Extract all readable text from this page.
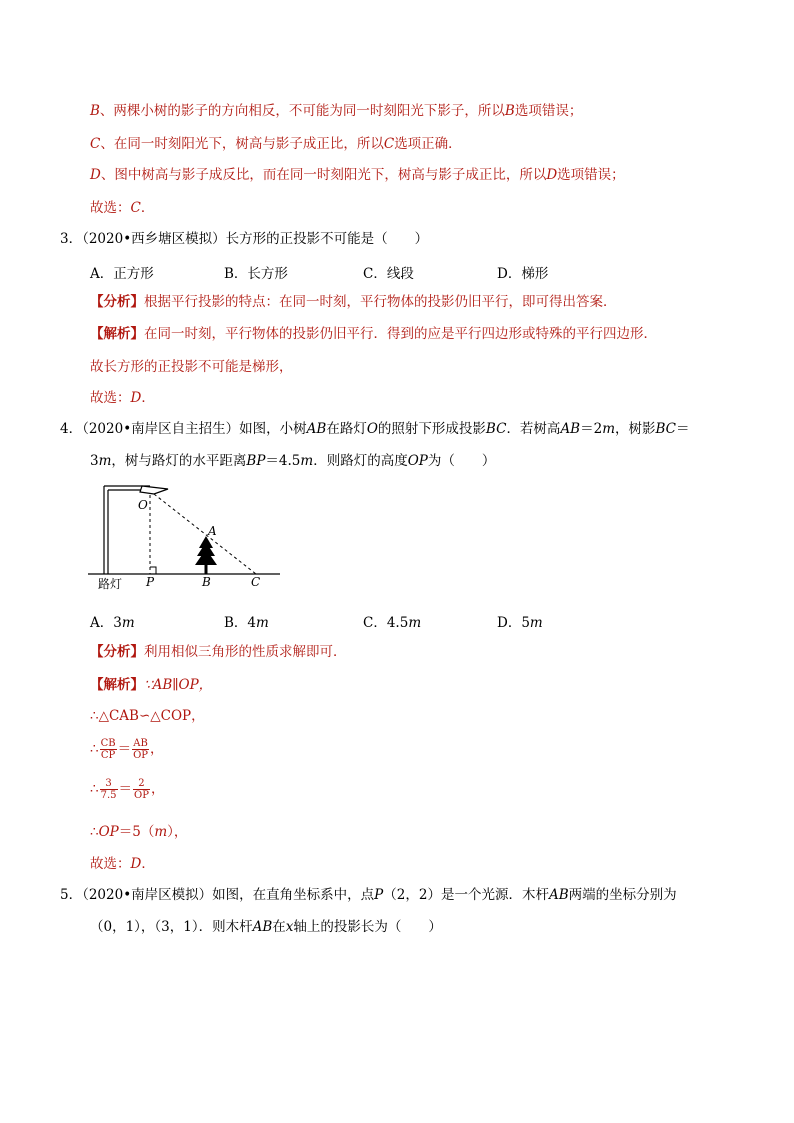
B、两棵小树的影子的方向相反，不可能为同一时刻阳光下影子，所以B选项错误；
C、在同一时刻阳光下，树高与影子成正比，所以C选项正确．
D、图中树高与影子成反比，而在同一时刻阳光下，树高与影子成正比，所以D选项错误；
故选：C．
3．（2020•西乡塘区模拟）长方形的正投影不可能是（　　）
A．正方形	B．长方形	C．线段	D．梯形
【分析】根据平行投影的特点：在同一时刻，平行物体的投影仍旧平行，即可得出答案．
【解析】在同一时刻，平行物体的投影仍旧平行．得到的应是平行四边形或特殊的平行四边形．
故长方形的正投影不可能是梯形，
故选：D．
4．（2020•南岸区自主招生）如图，小树AB在路灯O的照射下形成投影BC．若树高AB＝2m，树影BC＝
3m，树与路灯的水平距离BP＝4.5m．则路灯的高度OP为（　　）
O
A
P	B	C
路灯
A．3m	B．4m	C．4.5m	D．5m
【分析】利用相似三角形的性质求解即可．
【解析】∵AB∥OP，
∴△CAB∽△COP，
∴ $\frac{CB}{CP} = \frac{AB}{OP}$ ，
∴ $\frac{3}{7.5} = \frac{2}{OP}$ ，
∴OP＝5（m），
故选：D．
5．（2020•南岸区模拟）如图，在直角坐标系中，点P（2，2）是一个光源．木杆AB两端的坐标分别为
（0，1），（3，1）．则木杆AB在x轴上的投影长为（　　）
